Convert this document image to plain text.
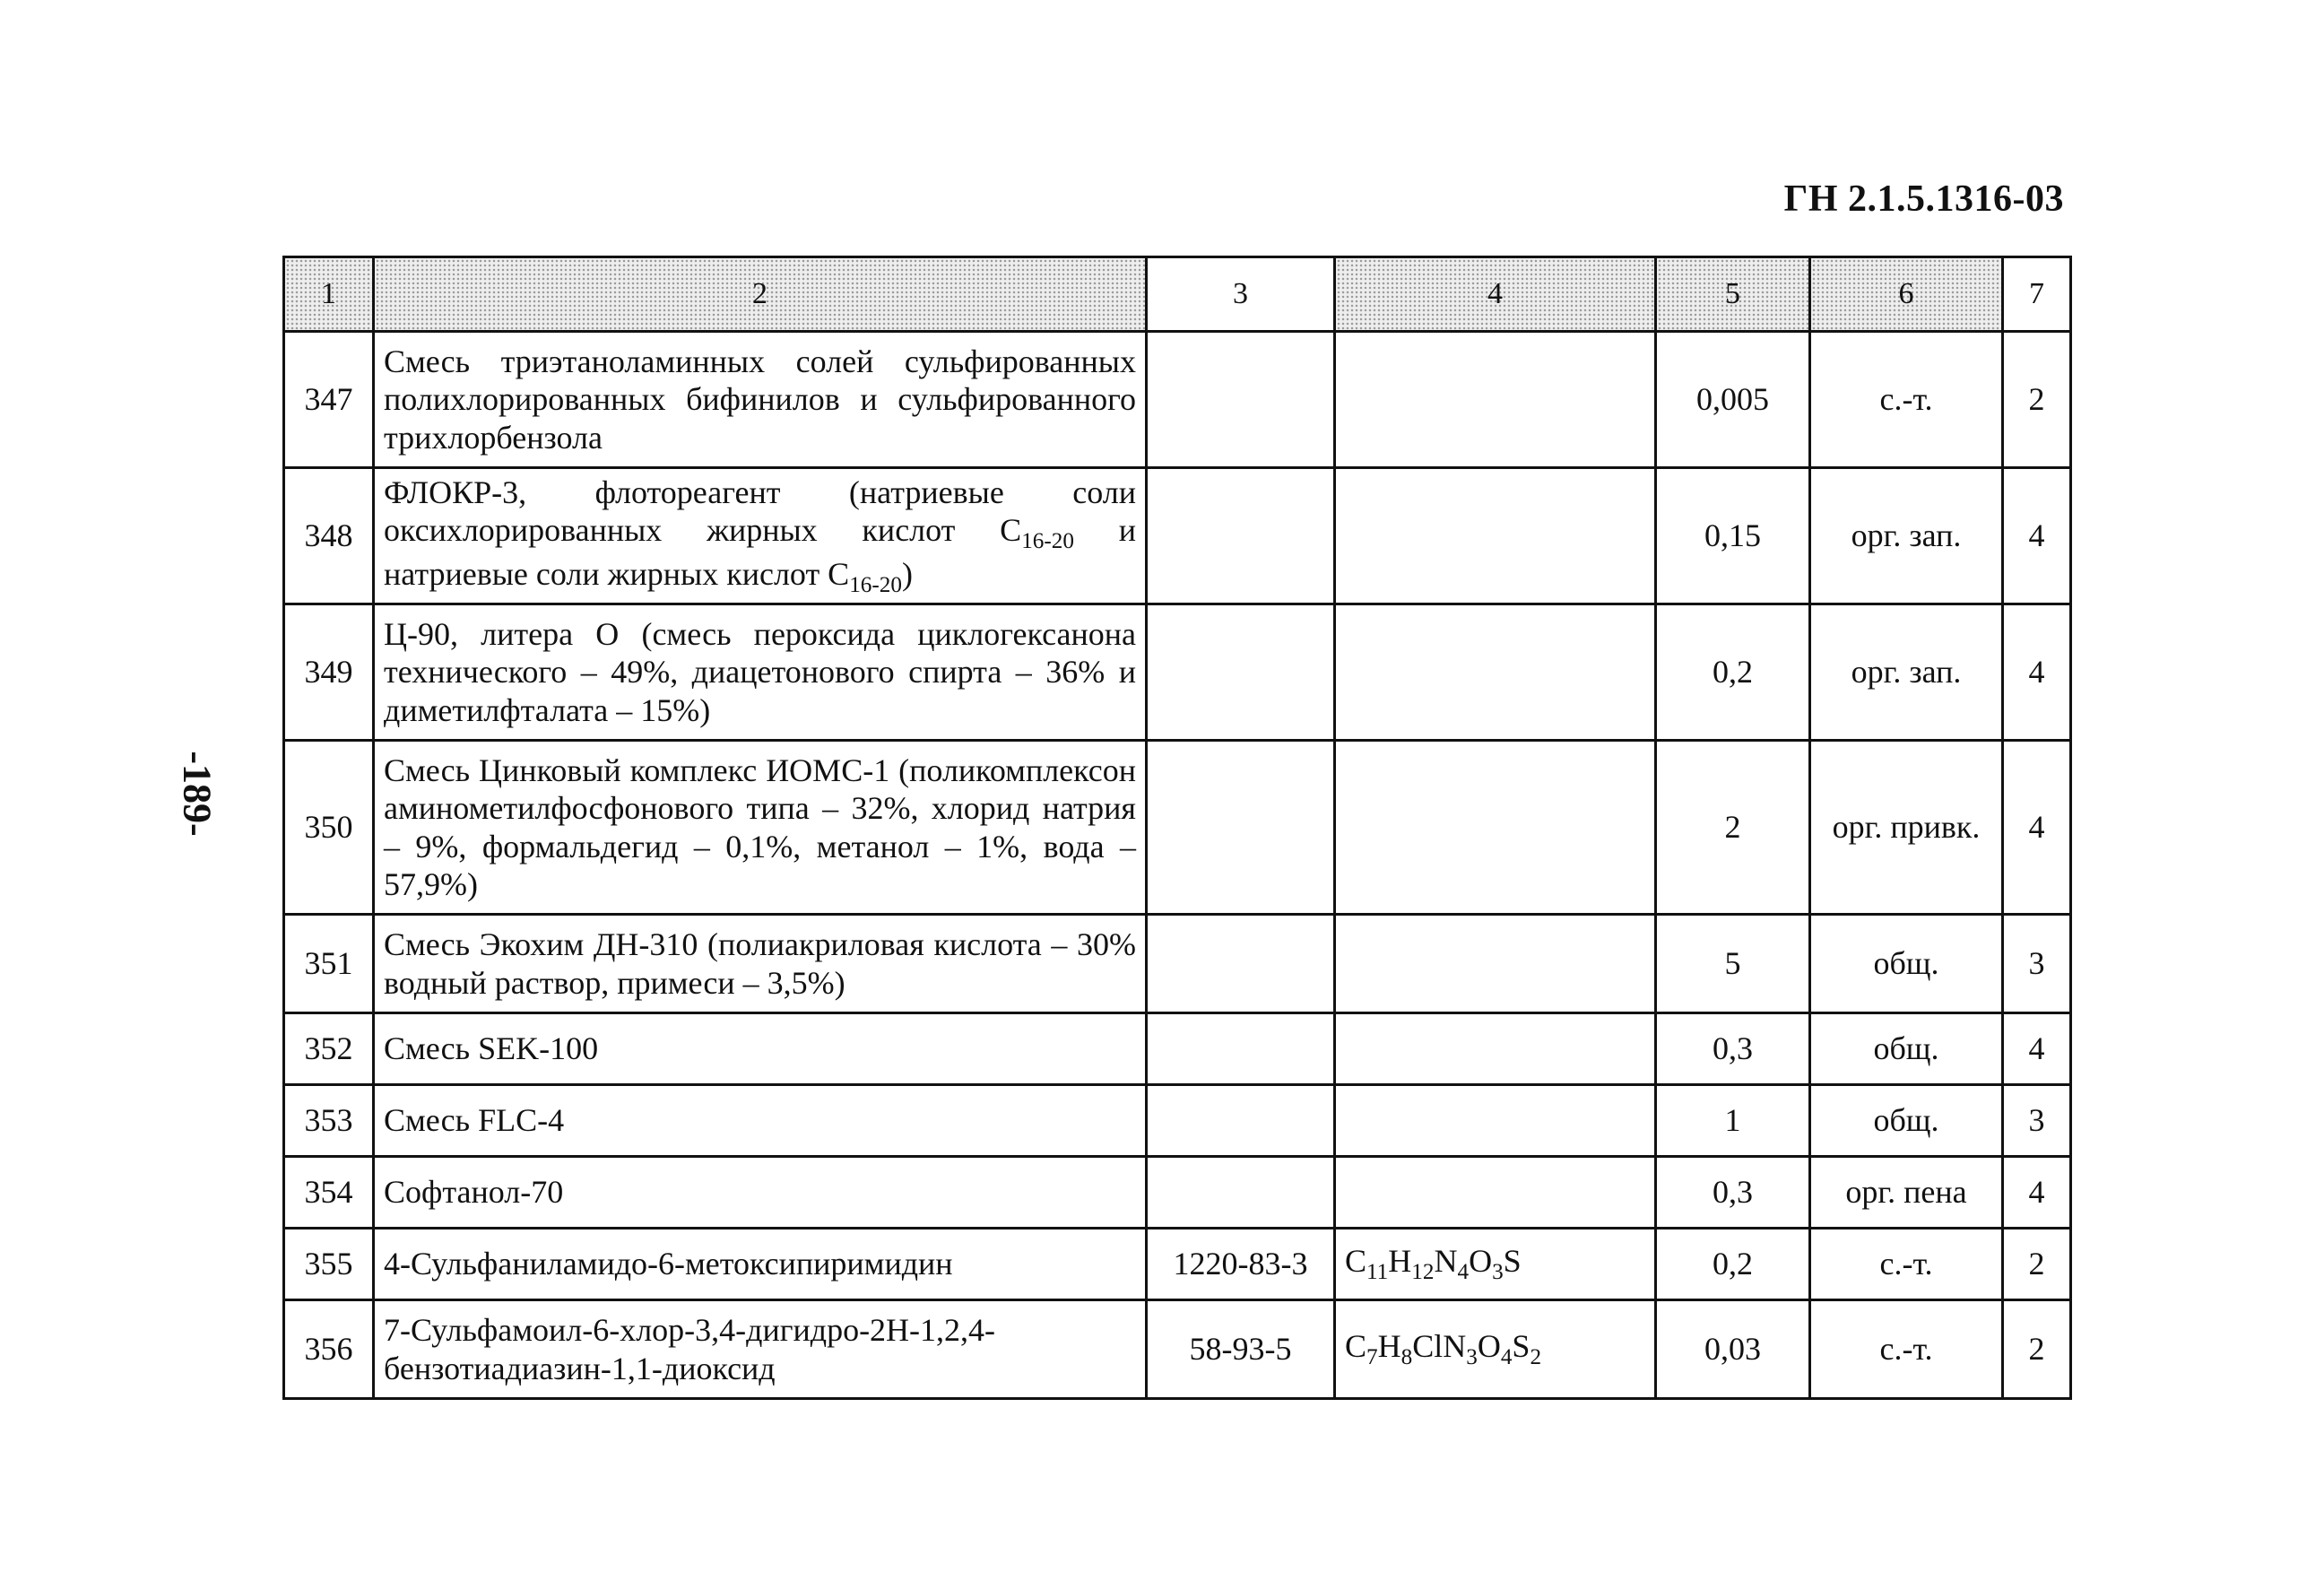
ГН 2.1.5.1316-03
-189-
1	2	3	4	5	6	7
347	Смесь триэтаноламинных солей сульфированных полихлорированных бифинилов и сульфированного трихлорбензола			0,005	с.-т.	2
348	ФЛОКР-3, флотореагент (натриевые соли оксихлорированных жирных кислот $С_{16-20}$ и натриевые соли жирных кислот $С_{16-20}$)			0,15	орг. зап.	4
349	Ц-90, литера О (смесь пероксида циклогексанона технического – 49%, диацетонового спирта – 36% и диметилфталата – 15%)			0,2	орг. зап.	4
350	Смесь Цинковый комплекс ИОМС-1 (поликомплексон аминометилфосфонового типа – 32%, хлорид натрия – 9%, формальдегид – 0,1%, метанол – 1%, вода – 57,9%)			2	орг. привк.	4
351	Смесь Экохим ДН-310 (полиакриловая кислота – 30% водный раствор, примеси – 3,5%)			5	общ.	3
352	Смесь SEK-100			0,3	общ.	4
353	Смесь FLC-4			1	общ.	3
354	Софтанол-70			0,3	орг. пена	4
355	4-Сульфаниламидо-6-метоксипиримидин	1220-83-3	$C_{11}H_{12}N_4O_3S$	0,2	с.-т.	2
356	7-Сульфамоил-6-хлор-3,4-дигидро-2Н-1,2,4-бензотиадиазин-1,1-диоксид	58-93-5	$C_7H_8ClN_3O_4S_2$	0,03	с.-т.	2
